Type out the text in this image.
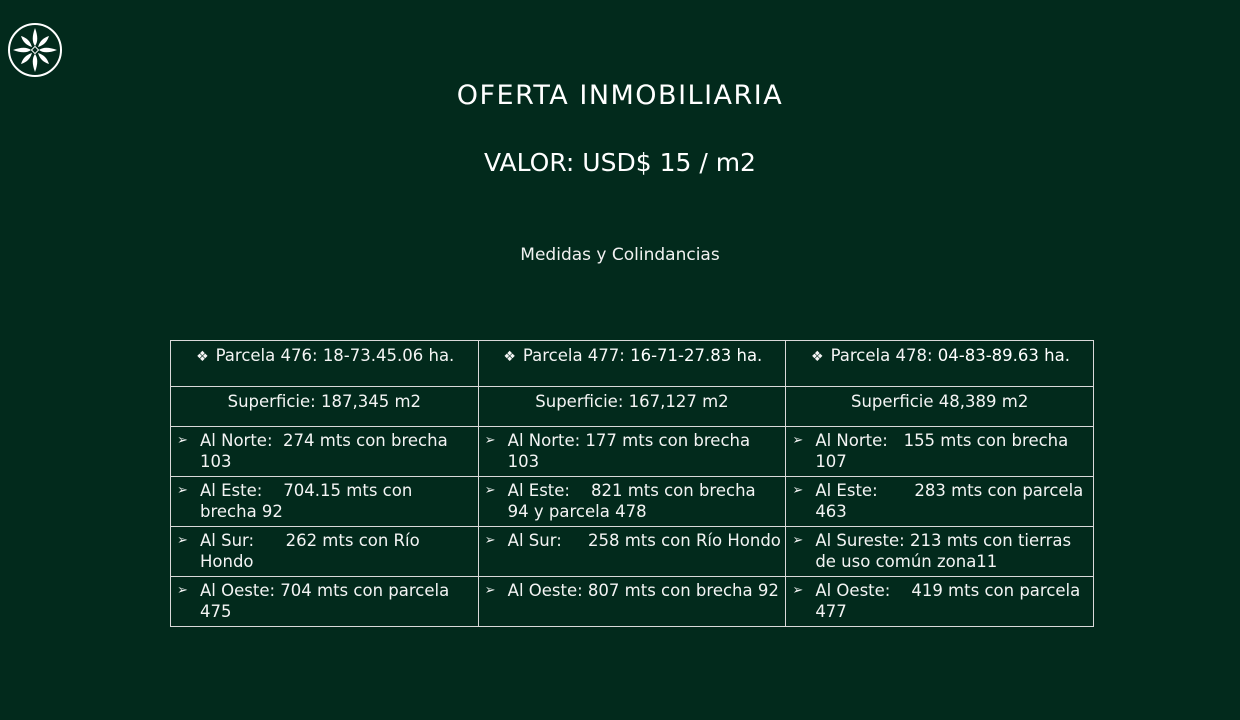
OFERTA INMOBILIARIA
VALOR: USD$ 15 / m2
Medidas y Colindancias
❖ Parcela 476: 18-73.45.06 ha.	❖ Parcela 477: 16-71-27.83 ha.	❖ Parcela 478: 04-83-89.63 ha.
Superficie: 187,345 m2	Superficie: 167,127 m2	Superficie 48,389 m2

➢ Al Norte:  274 mts con brecha 103	➢ Al Norte: 177 mts con brecha 103	➢ Al Norte:   155 mts con brecha 107

➢ Al Este:    704.15 mts con brecha 92	➢ Al Este:    821 mts con brecha 94 y parcela 478	➢ Al Este:       283 mts con parcela 463

➢ Al Sur:      262 mts con Río Hondo	➢ Al Sur:     258 mts con Río Hondo	➢ Al Sureste: 213 mts con tierras de uso común zona11

➢ Al Oeste: 704 mts con parcela 475	➢ Al Oeste: 807 mts con brecha 92	➢ Al Oeste:    419 mts con parcela 477
